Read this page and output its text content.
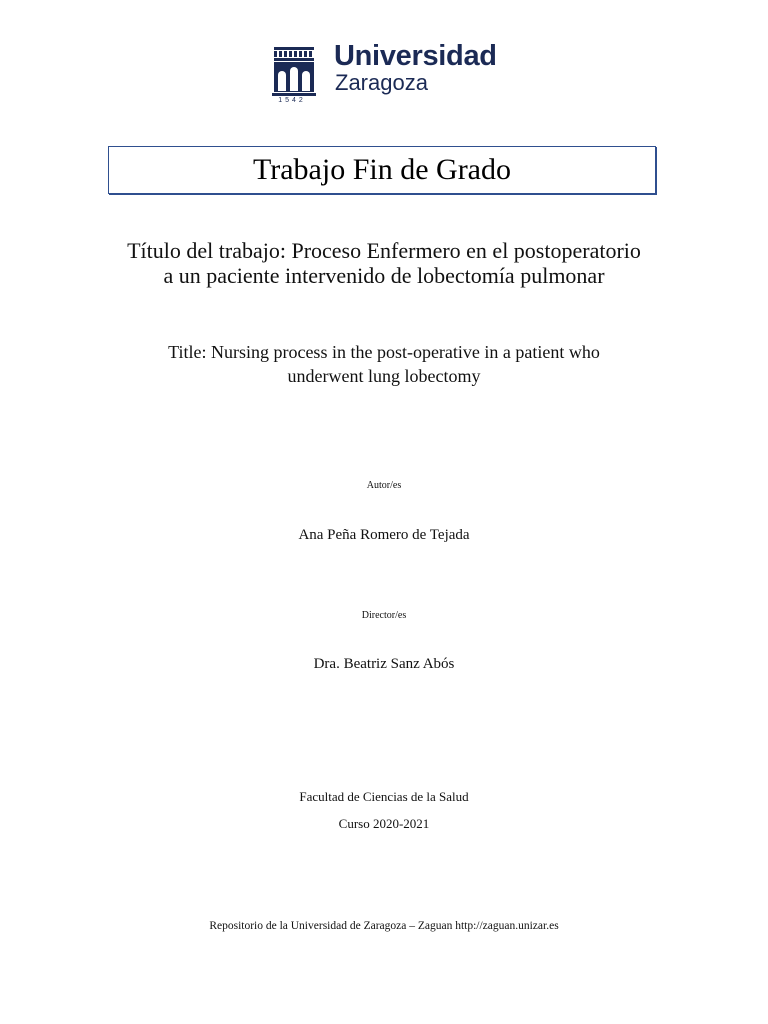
1542
Universidad
Zaragoza
Trabajo Fin de Grado
Título del trabajo: Proceso Enfermero en el postoperatorio
a un paciente intervenido de lobectomía pulmonar
Title: Nursing process in the post-operative in a patient who
underwent lung lobectomy
Autor/es
Ana Peña Romero de Tejada
Director/es
Dra. Beatriz Sanz Abós
Facultad de Ciencias de la Salud
Curso 2020-2021
Repositorio de la Universidad de Zaragoza – Zaguan http://zaguan.unizar.es
